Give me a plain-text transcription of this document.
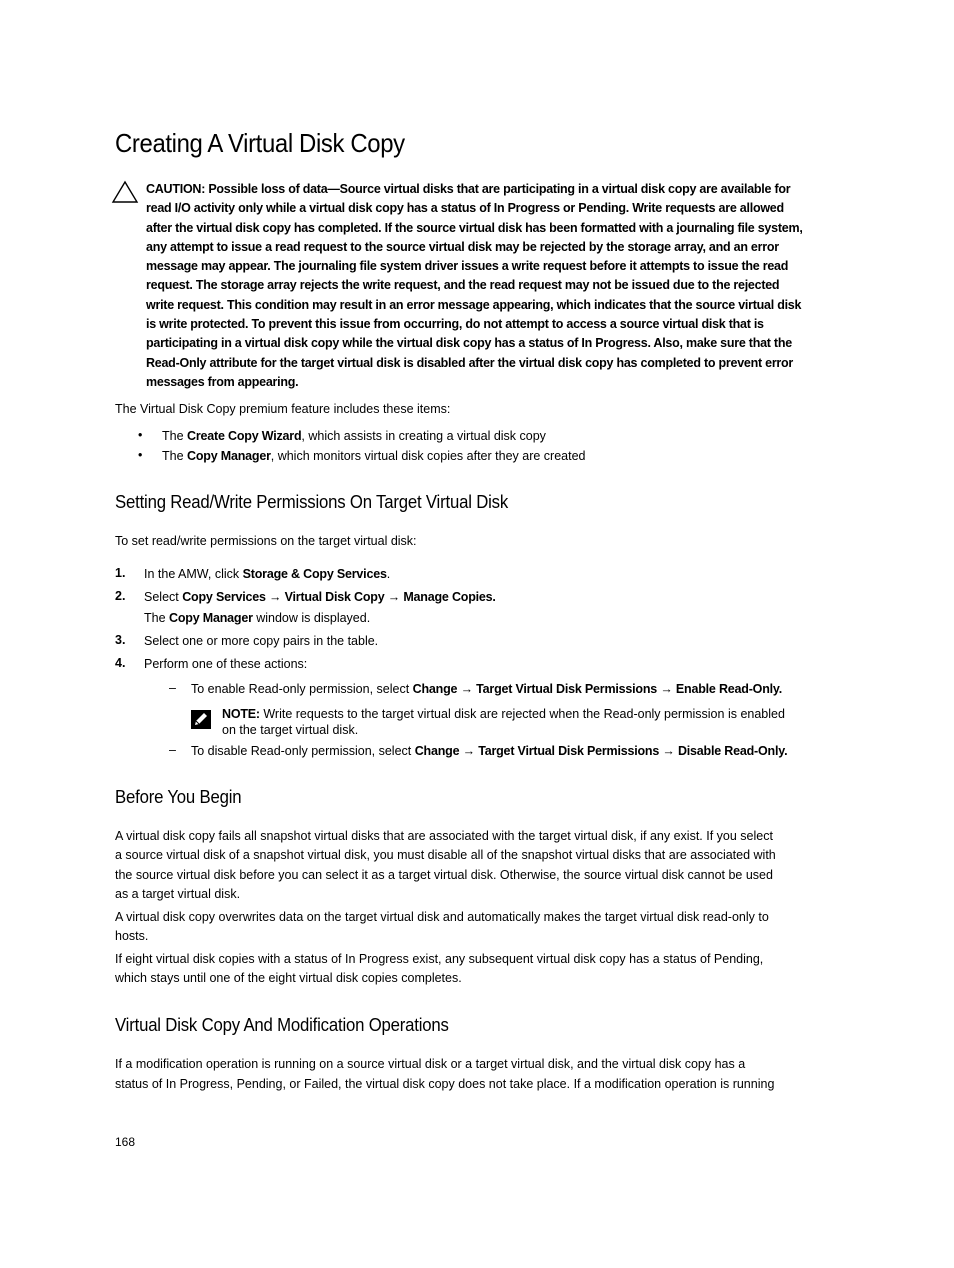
Creating A Virtual Disk Copy
CAUTION: Possible loss of data—Source virtual disks that are participating in a virtual disk copy are available for
read I/O activity only while a virtual disk copy has a status of In Progress or Pending. Write requests are allowed
after the virtual disk copy has completed. If the source virtual disk has been formatted with a journaling file system,
any attempt to issue a read request to the source virtual disk may be rejected by the storage array, and an error
message may appear. The journaling file system driver issues a write request before it attempts to issue the read
request. The storage array rejects the write request, and the read request may not be issued due to the rejected
write request. This condition may result in an error message appearing, which indicates that the source virtual disk
is write protected. To prevent this issue from occurring, do not attempt to access a source virtual disk that is
participating in a virtual disk copy while the virtual disk copy has a status of In Progress. Also, make sure that the
Read-Only attribute for the target virtual disk is disabled after the virtual disk copy has completed to prevent error
messages from appearing.

The Virtual Disk Copy premium feature includes these items:

• The Create Copy Wizard, which assists in creating a virtual disk copy

• The Copy Manager, which monitors virtual disk copies after they are created

Setting Read/Write Permissions On Target Virtual Disk

To set read/write permissions on the target virtual disk:

1. In the AMW, click Storage & Copy Services.

2. Select Copy Services → Virtual Disk Copy → Manage Copies.

The Copy Manager window is displayed.

3. Select one or more copy pairs in the table.

4. Perform one of these actions:

– To enable Read-only permission, select Change → Target Virtual Disk Permissions → Enable Read-Only.

NOTE: Write requests to the target virtual disk are rejected when the Read-only permission is enabled
on the target virtual disk.

– To disable Read-only permission, select Change → Target Virtual Disk Permissions → Disable Read-Only.

Before You Begin

A virtual disk copy fails all snapshot virtual disks that are associated with the target virtual disk, if any exist. If you select

a source virtual disk of a snapshot virtual disk, you must disable all of the snapshot virtual disks that are associated with

the source virtual disk before you can select it as a target virtual disk. Otherwise, the source virtual disk cannot be used

as a target virtual disk.

A virtual disk copy overwrites data on the target virtual disk and automatically makes the target virtual disk read-only to

hosts.

If eight virtual disk copies with a status of In Progress exist, any subsequent virtual disk copy has a status of Pending,

which stays until one of the eight virtual disk copies completes.

Virtual Disk Copy And Modification Operations

If a modification operation is running on a source virtual disk or a target virtual disk, and the virtual disk copy has a

status of In Progress, Pending, or Failed, the virtual disk copy does not take place. If a modification operation is running

168
